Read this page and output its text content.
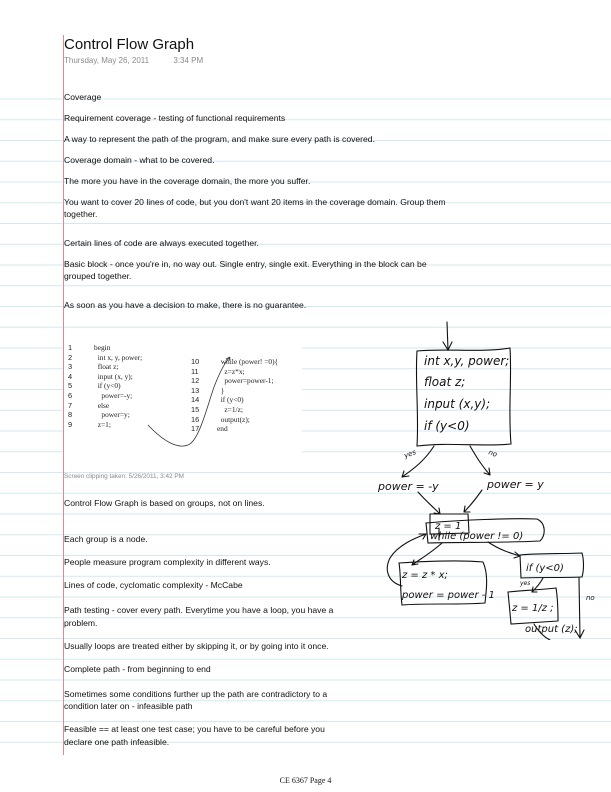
Control Flow Graph
Thursday, May 26, 2011	3:34 PM
Coverage
Requirement coverage - testing of functional requirements
A way to represent the path of the program, and make sure every path is covered.
Coverage domain - what to be covered.
The more you have in the coverage domain, the more you suffer.
You want to cover 20 lines of code, but you don't want 20 items in the coverage domain. Group them
together.
Certain lines of code are always executed together.
Basic block - once you're in, no way out. Single entry, single exit. Everything in the block can be
grouped together.
As soon as you have a decision to make, there is no guarantee.
1	begin
2	int x, y, power;
3	float z;
4	input (x, y);
5	if (y<0)
6	power=-y;
7	else
8	power=y;
9	z=1;
10	while (power! =0){
11	z=z*x;
12	power=power-1;
13	}
14	if (y<0)
15	z=1/z;
16	output(z);
17	end
Screen clipping taken: 5/26/2011, 3:42 PM
Control Flow Graph is based on groups, not on lines.
Each group is a node.
People measure program complexity in different ways.
Lines of code, cyclomatic complexity - McCabe
Path testing - cover every path. Everytime you have a loop, you have a
problem.
Usually loops are treated either by skipping it, or by going into it once.
Complete path - from beginning to end
Sometimes some conditions further up the path are contradictory to a
condition later on - infeasible path
Feasible == at least one test case; you have to be careful before you
declare one path infeasible.
int x,y, power;
float z;
input (x,y);
if (y<0)
yes	no
power = -y	power = y
z = 1
while (power != 0)
z = z * x;
power = power - 1
if (y<0)
yes
z = 1/z ;
no
output (z);
CE 6367 Page 4
